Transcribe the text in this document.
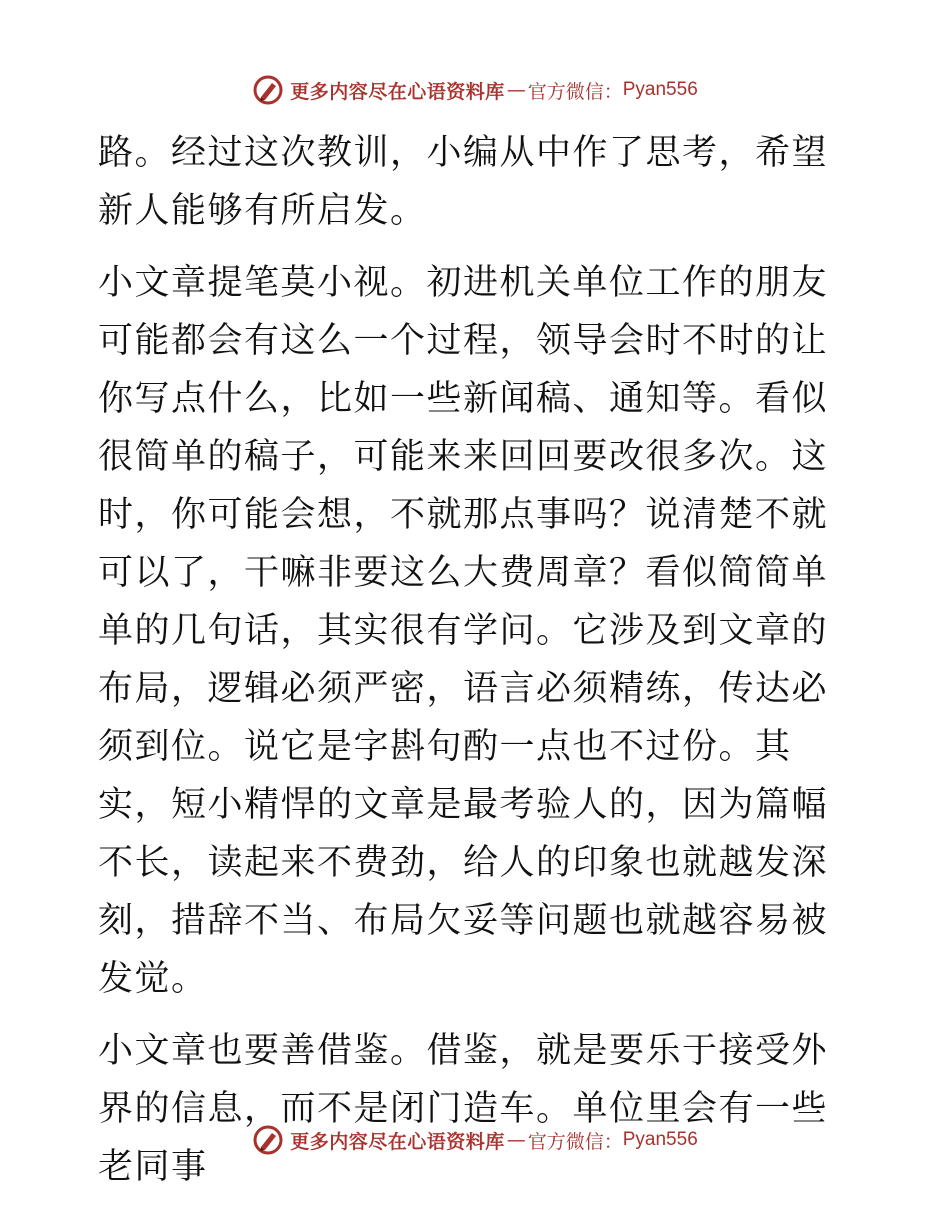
更多内容尽在心语资料库 — 官方微信： Pyan556

路。经过这次教训，小编从中作了思考，希望新人能够有所启发。

小文章提笔莫小视。初进机关单位工作的朋友可能都会有这么一个过程，领导会时不时的让你写点什么，比如一些新闻稿、通知等。看似很简单的稿子，可能来来回回要改很多次。这时，你可能会想，不就那点事吗？说清楚不就可以了，干嘛非要这么大费周章？看似简简单单的几句话，其实很有学问。它涉及到文章的布局，逻辑必须严密，语言必须精练，传达必须到位。说它是字斟句酌一点也不过份。其实，短小精悍的文章是最考验人的，因为篇幅不长，读起来不费劲，给人的印象也就越发深刻，措辞不当、布局欠妥等问题也就越容易被发觉。

小文章也要善借鉴。借鉴，就是要乐于接受外界的信息，而不是闭门造车。单位里会有一些老同事

更多内容尽在心语资料库 — 官方微信： Pyan556
